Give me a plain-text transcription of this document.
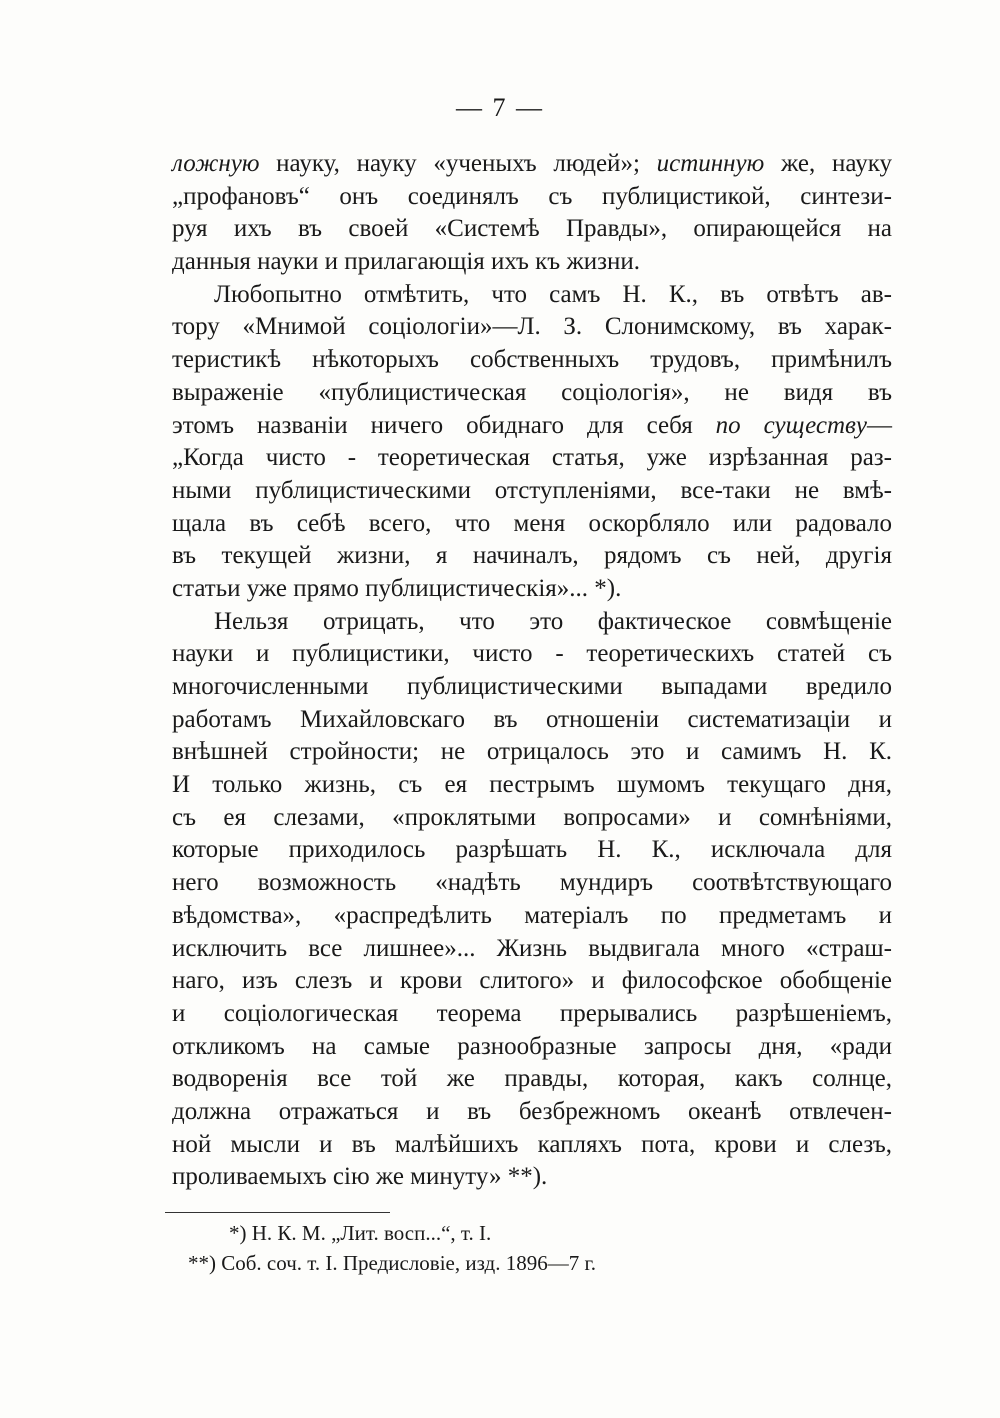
— 7 —
ложную науку, науку «ученыхъ людей»; истинную же, науку
„профановъ“ онъ соединялъ съ публицистикой, синтези-
руя ихъ въ своей «Системѣ Правды», опирающейся на
данныя науки и прилагающія ихъ къ жизни.
Любопытно отмѣтить, что самъ Н. К., въ отвѣтъ ав-
тору «Мнимой соціологіи»—Л. З. Слонимскому, въ харак-
теристикѣ нѣкоторыхъ собственныхъ трудовъ, примѣнилъ
выраженіе «публицистическая соціологія», не видя въ
этомъ названіи ничего обиднаго для себя по существу—
„Когда чисто - теоретическая статья, уже изрѣзанная раз-
ными публицистическими отступленіями, все-таки не вмѣ-
щала въ себѣ всего, что меня оскорбляло или радовало
въ текущей жизни, я начиналъ, рядомъ съ ней, другія
статьи уже прямо публицистическія»... *).
Нельзя отрицать, что это фактическое совмѣщеніе
науки и публицистики, чисто - теоретическихъ статей съ
многочисленными публицистическими выпадами вредило
работамъ Михайловскаго въ отношеніи систематизаціи и
внѣшней стройности; не отрицалось это и самимъ Н. К.
И только жизнь, съ ея пестрымъ шумомъ текущаго дня,
съ ея слезами, «проклятыми вопросами» и сомнѣніями,
которые приходилось разрѣшать Н. К., исключала для
него возможность «надѣть мундиръ соотвѣтствующаго
вѣдомства», «распредѣлить матеріалъ по предметамъ и
исключить все лишнее»... Жизнь выдвигала много «страш-
наго, изъ слезъ и крови слитого» и философское обобщеніе
и соціологическая теорема прерывались разрѣшеніемъ,
откликомъ на самые разнообразные запросы дня, «ради
водворенія все той же правды, которая, какъ солнце,
должна отражаться и въ безбрежномъ океанѣ отвлечен-
ной мысли и въ малѣйшихъ капляхъ пота, крови и слезъ,
проливаемыхъ сію же минуту» **).
*) Н. К. М. „Лит. восп...“, т. I.
**) Соб. соч. т. I. Предисловіе, изд. 1896—7 г.
